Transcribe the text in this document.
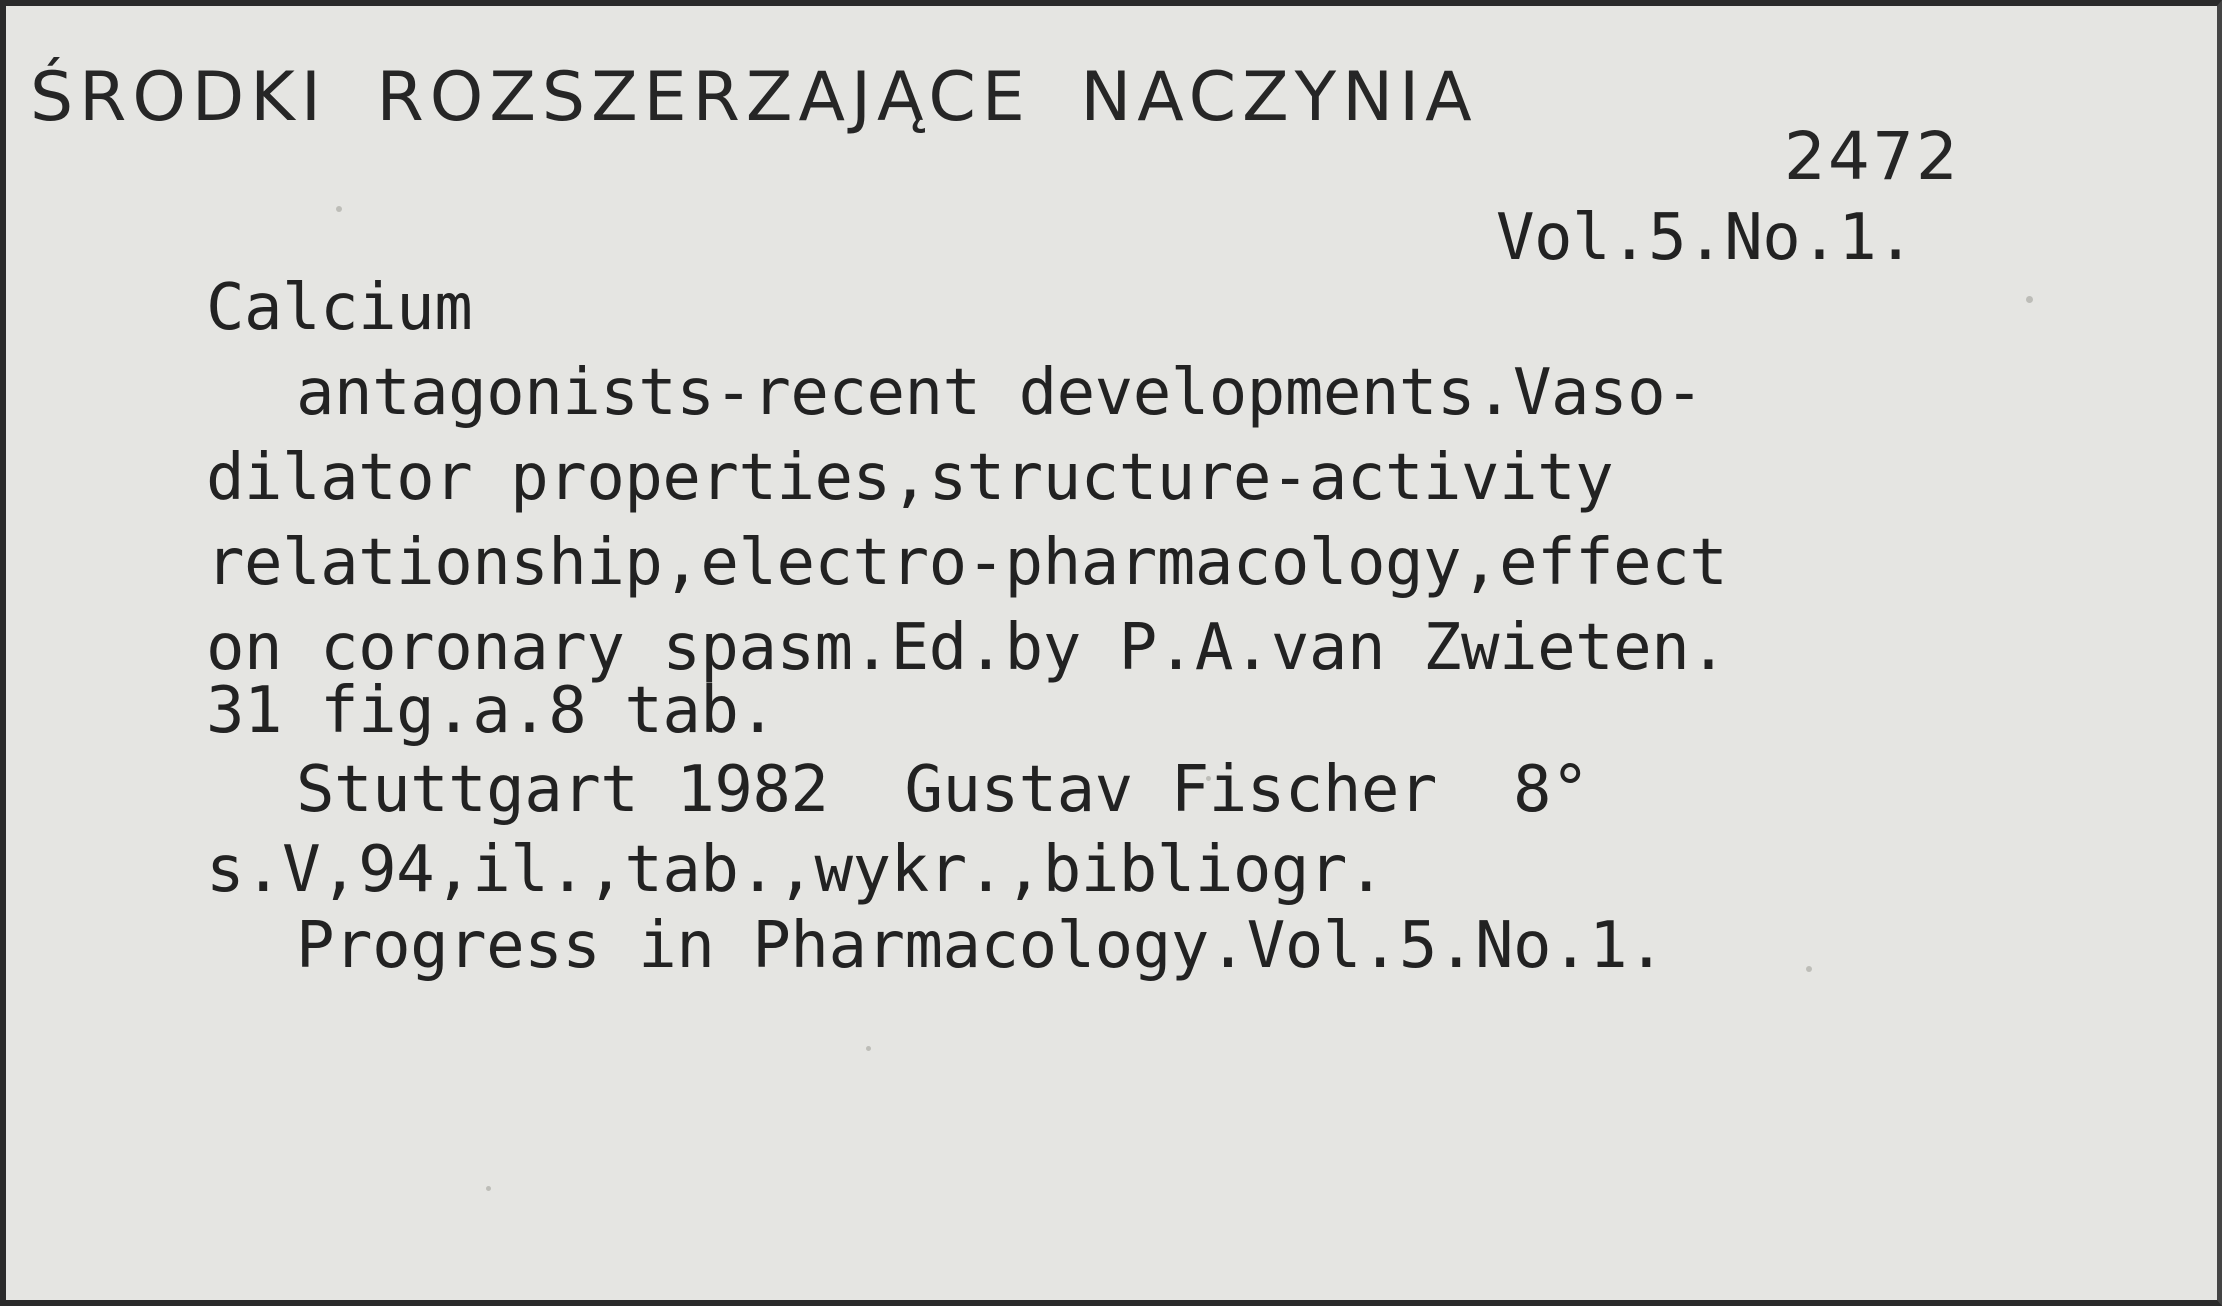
ŚRODKI ROZSZERZAJĄCE NACZYNIA
2472
Vol.5.No.1.
Calcium
antagonists-recent developments.Vaso-
dilator properties,structure-activity
relationship,electro-pharmacology,effect
on coronary spasm.Ed.by P.A.van Zwieten.
31 fig.a.8 tab.
Stuttgart 1982  Gustav Fischer  8°
s.V,94,il.,tab.,wykr.,bibliogr.
Progress in Pharmacology.Vol.5.No.1.
